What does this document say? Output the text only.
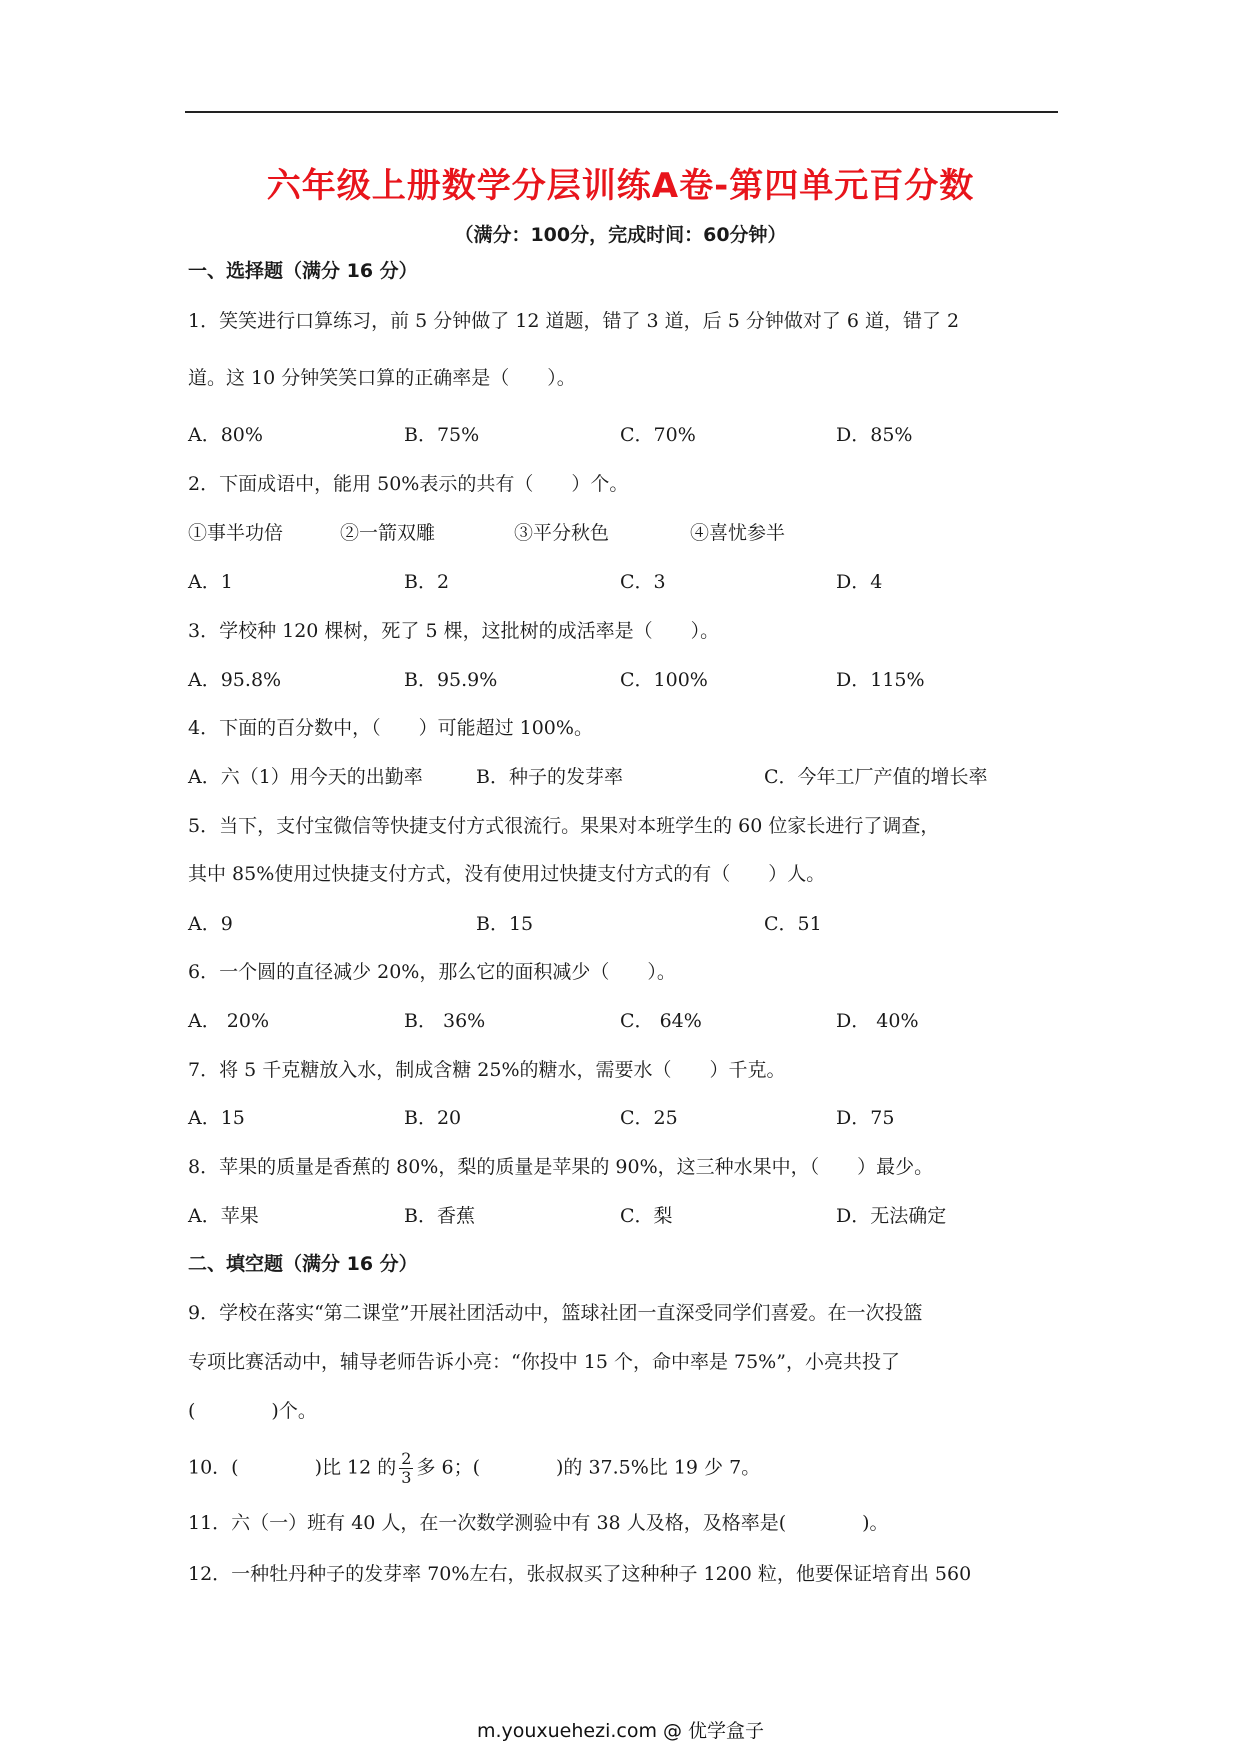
六年级上册数学分层训练A卷-第四单元百分数
（满分：100分，完成时间：60分钟）
一、选择题（满分 16 分）
1．笑笑进行口算练习，前 5 分钟做了 12 道题，错了 3 道，后 5 分钟做对了 6 道，错了 2
道。这 10 分钟笑笑口算的正确率是（　　）。
A．80%	B．75%	C．70%	D．85%
2．下面成语中，能用 50%表示的共有（　　）个。
①事半功倍	②一箭双雕	③平分秋色	④喜忧参半
A．1	B．2	C．3	D．4
3．学校种 120 棵树，死了 5 棵，这批树的成活率是（　　）。
A．95.8%	B．95.9%	C．100%	D．115%
4．下面的百分数中，（　　）可能超过 100%。
A．六（1）用今天的出勤率	B．种子的发芽率	C．今年工厂产值的增长率
5．当下，支付宝微信等快捷支付方式很流行。果果对本班学生的 60 位家长进行了调查，
其中 85%使用过快捷支付方式，没有使用过快捷支付方式的有（　　）人。
A．9	B．15	C．51
6．一个圆的直径减少 20%，那么它的面积减少（　　）。
A． 20%	B． 36%	C． 64%	D． 40%
7．将 5 千克糖放入水，制成含糖 25%的糖水，需要水（　　）千克。
A．15	B．20	C．25	D．75
8．苹果的质量是香蕉的 80%，梨的质量是苹果的 90%，这三种水果中，（　　）最少。
A．苹果	B．香蕉	C．梨	D．无法确定
二、填空题（满分 16 分）
9．学校在落实“第二课堂”开展社团活动中，篮球社团一直深受同学们喜爱。在一次投篮
专项比赛活动中，辅导老师告诉小亮：“你投中 15 个，命中率是 75%”，小亮共投了
(　　　　)个。
10．(　　　　)比 12 的 $\frac{2}{3}$ 多 6；(　　　　)的 37.5%比 19 少 7。
11．六（一）班有 40 人，在一次数学测验中有 38 人及格，及格率是(　　　　)。
12．一种牡丹种子的发芽率 70%左右，张叔叔买了这种种子 1200 粒，他要保证培育出 560
m.youxuehezi.com @ 优学盒子
